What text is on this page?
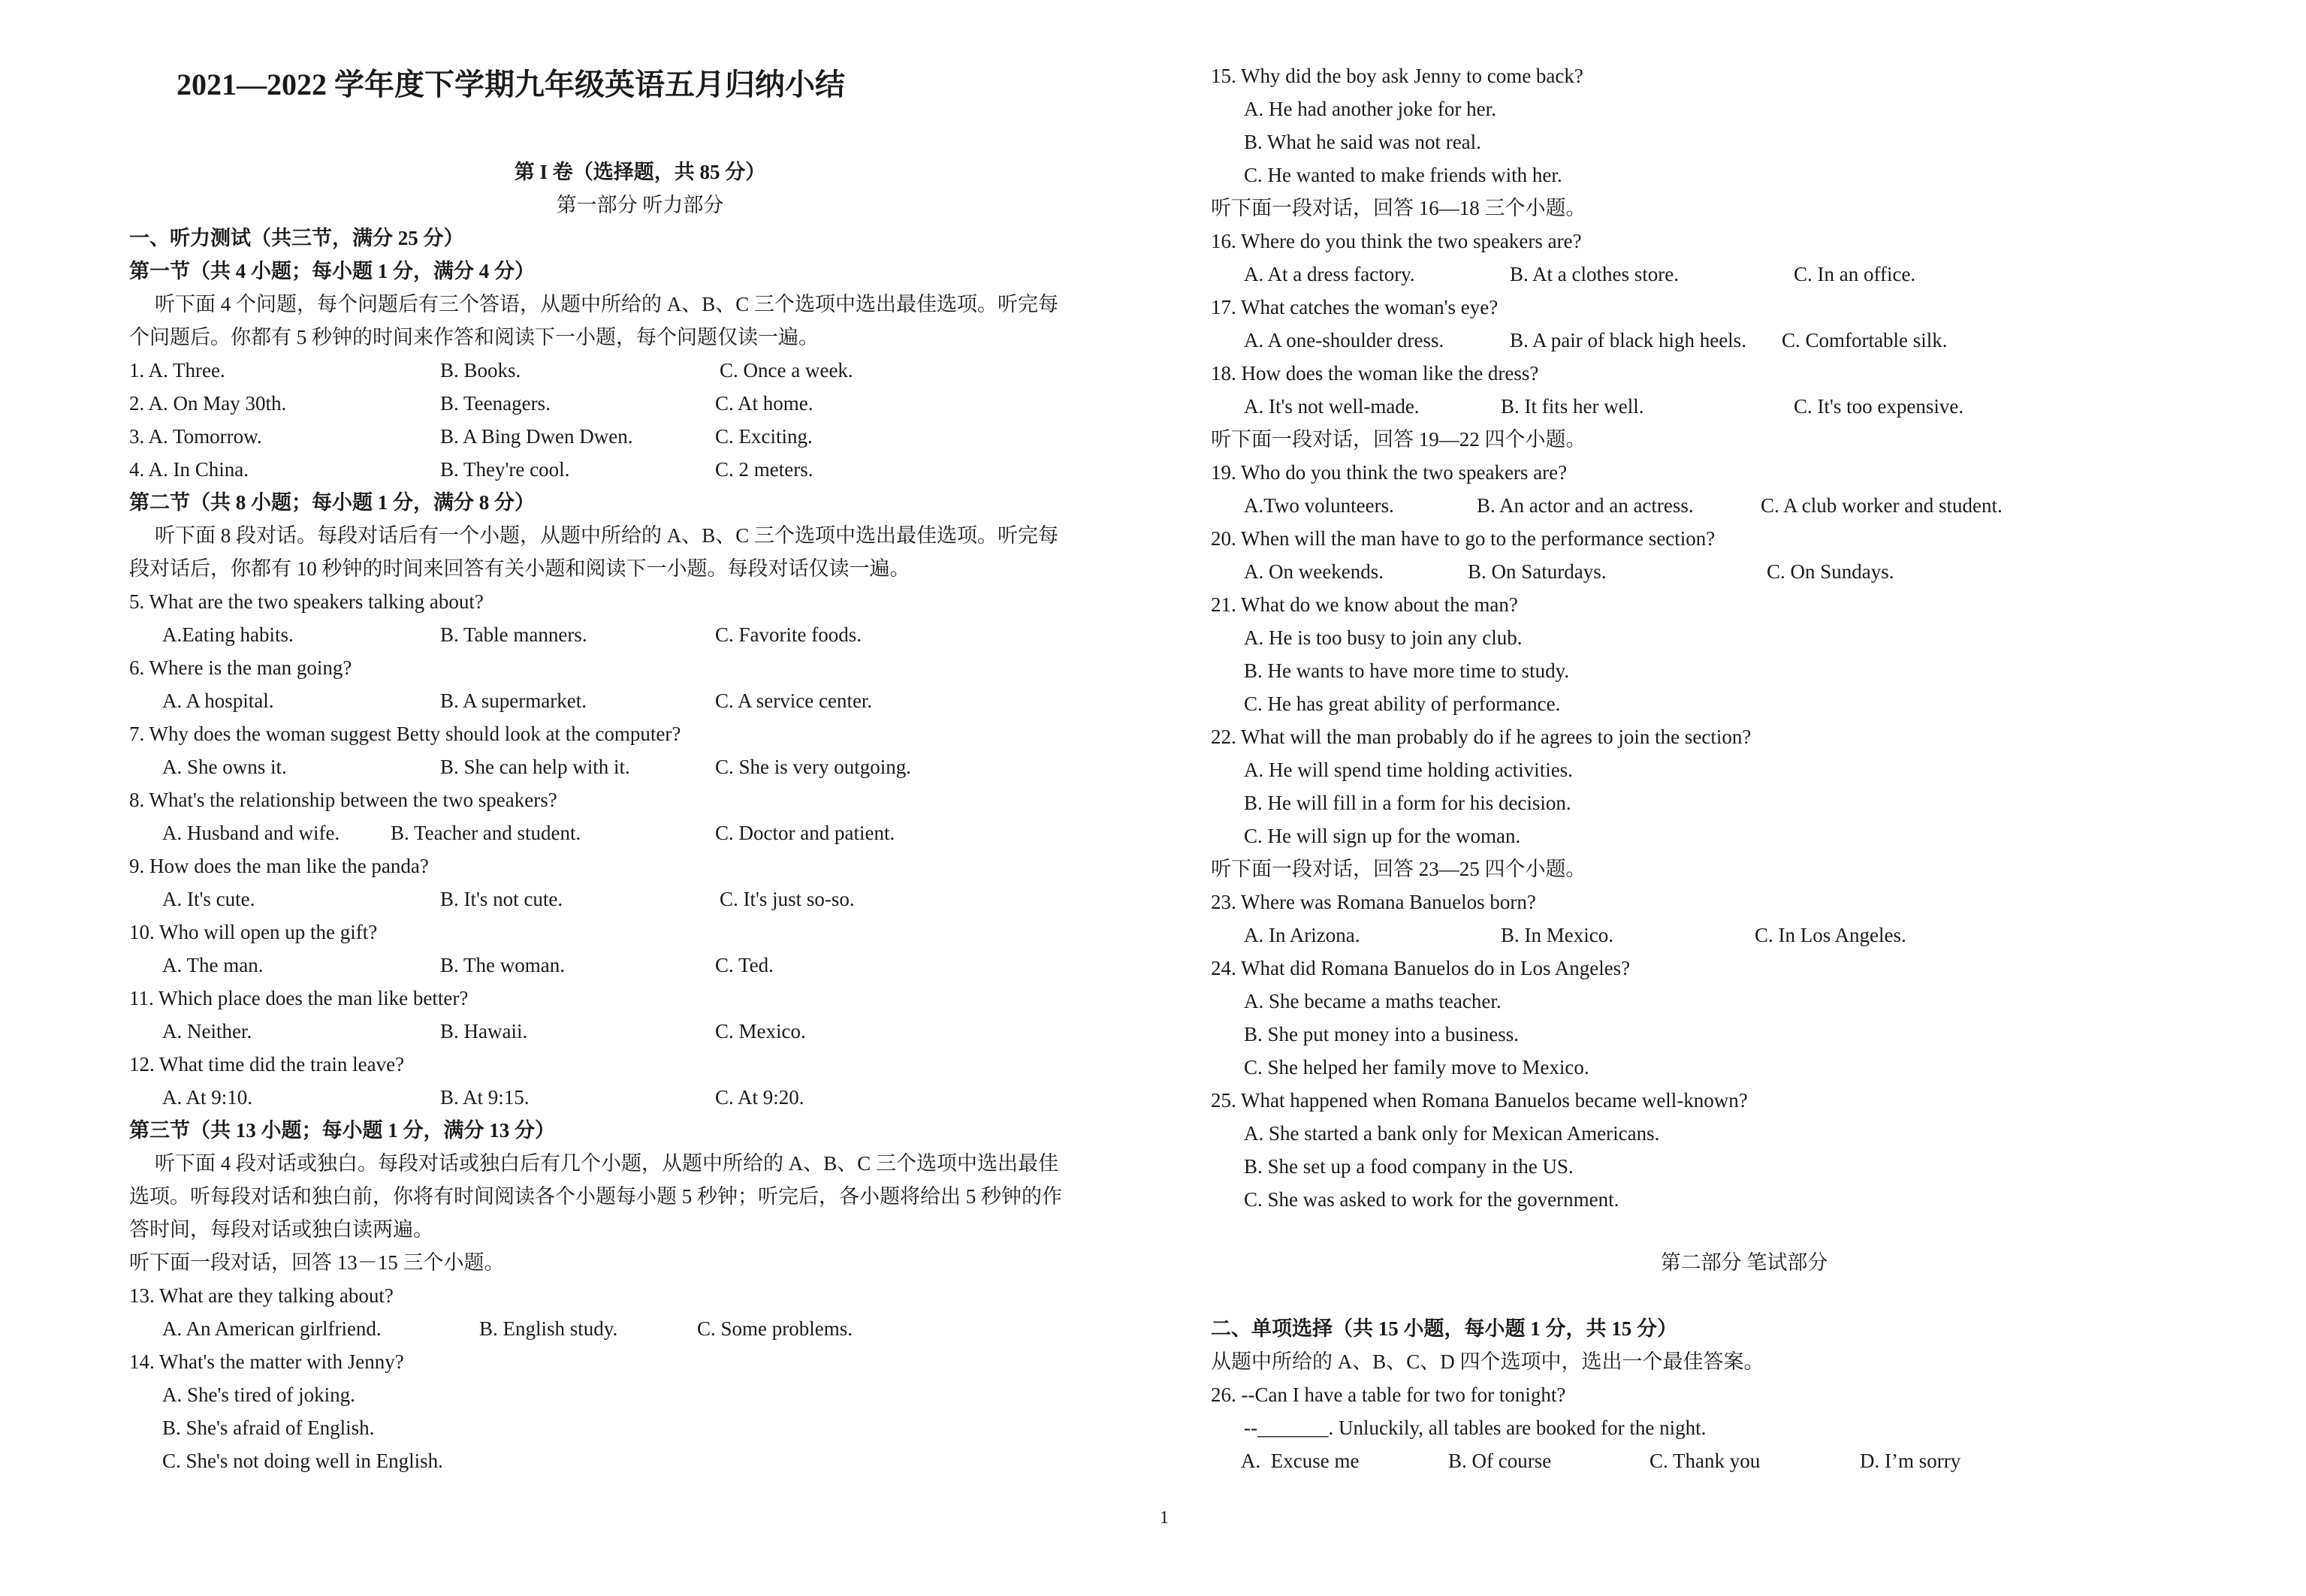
2021—2022 学年度下学期九年级英语五月归纳小结
第 I 卷（选择题，共 85 分）
第一部分 听力部分
一、听力测试（共三节，满分 25 分）
第一节（共 4 小题；每小题 1 分，满分 4 分）
听下面 4 个问题，每个问题后有三个答语，从题中所给的 A、B、C 三个选项中选出最佳选项。听完每
个问题后。你都有 5 秒钟的时间来作答和阅读下一小题，每个问题仅读一遍。
1. A. Three.	B. Books.	C. Once a week.
2. A. On May 30th.	B. Teenagers.	C. At home.
3. A. Tomorrow.	B. A Bing Dwen Dwen.	C. Exciting.
4. A. In China.	B. They're cool.	C. 2 meters.
第二节（共 8 小题；每小题 1 分，满分 8 分）
听下面 8 段对话。每段对话后有一个小题，从题中所给的 A、B、C 三个选项中选出最佳选项。听完每
段对话后，你都有 10 秒钟的时间来回答有关小题和阅读下一小题。每段对话仅读一遍。
5. What are the two speakers talking about?
A.Eating habits.	B. Table manners.	C. Favorite foods.
6. Where is the man going?
A. A hospital.	B. A supermarket.	C. A service center.
7. Why does the woman suggest Betty should look at the computer?
A. She owns it.	B. She can help with it.	C. She is very outgoing.
8. What's the relationship between the two speakers?
A. Husband and wife.	B. Teacher and student.	C. Doctor and patient.
9. How does the man like the panda?
A. It's cute.	B. It's not cute.	C. It's just so-so.
10. Who will open up the gift?
A. The man.	B. The woman.	C. Ted.
11. Which place does the man like better?
A. Neither.	B. Hawaii.	C. Mexico.
12. What time did the train leave?
A. At 9:10.	B. At 9:15.	C. At 9:20.
第三节（共 13 小题；每小题 1 分，满分 13 分）
听下面 4 段对话或独白。每段对话或独白后有几个小题，从题中所给的 A、B、C 三个选项中选出最佳
选项。听每段对话和独白前，你将有时间阅读各个小题每小题 5 秒钟；听完后，各小题将给出 5 秒钟的作
答时间，每段对话或独白读两遍。
听下面一段对话，回答 13－15 三个小题。
13. What are they talking about?
A. An American girlfriend.	B. English study.	C. Some problems.
14. What's the matter with Jenny?
A. She's tired of joking.
B. She's afraid of English.
C. She's not doing well in English.
15. Why did the boy ask Jenny to come back?
A. He had another joke for her.
B. What he said was not real.
C. He wanted to make friends with her.
听下面一段对话，回答 16—18 三个小题。
16. Where do you think the two speakers are?
A. At a dress factory.	B. At a clothes store.	C. In an office.
17. What catches the woman's eye?
A. A one-shoulder dress.	B. A pair of black high heels. C. Comfortable silk.
18. How does the woman like the dress?
A. It's not well-made.	B. It fits her well.	C. It's too expensive.
听下面一段对话，回答 19—22 四个小题。
19. Who do you think the two speakers are?
A.Two volunteers.	B. An actor and an actress.	C. A club worker and student.
20. When will the man have to go to the performance section?
A. On weekends.	B. On Saturdays.	C. On Sundays.
21. What do we know about the man?
A. He is too busy to join any club.
B. He wants to have more time to study.
C. He has great ability of performance.
22. What will the man probably do if he agrees to join the section?
A. He will spend time holding activities.
B. He will fill in a form for his decision.
C. He will sign up for the woman.
听下面一段对话，回答 23—25 四个小题。
23. Where was Romana Banuelos born?
A. In Arizona.	B. In Mexico.	C. In Los Angeles.
24. What did Romana Banuelos do in Los Angeles?
A. She became a maths teacher.
B. She put money into a business.
C. She helped her family move to Mexico.
25. What happened when Romana Banuelos became well-known?
A. She started a bank only for Mexican Americans.
B. She set up a food company in the US.
C. She was asked to work for the government.
第二部分 笔试部分
二、单项选择（共 15 小题，每小题 1 分，共 15 分）
从题中所给的 A、B、C、D 四个选项中，选出一个最佳答案。
26. --Can I have a table for two for tonight?
--_______. Unluckily, all tables are booked for the night.
A.  Excuse me	B. Of course	C. Thank you	D. I’m sorry
1
